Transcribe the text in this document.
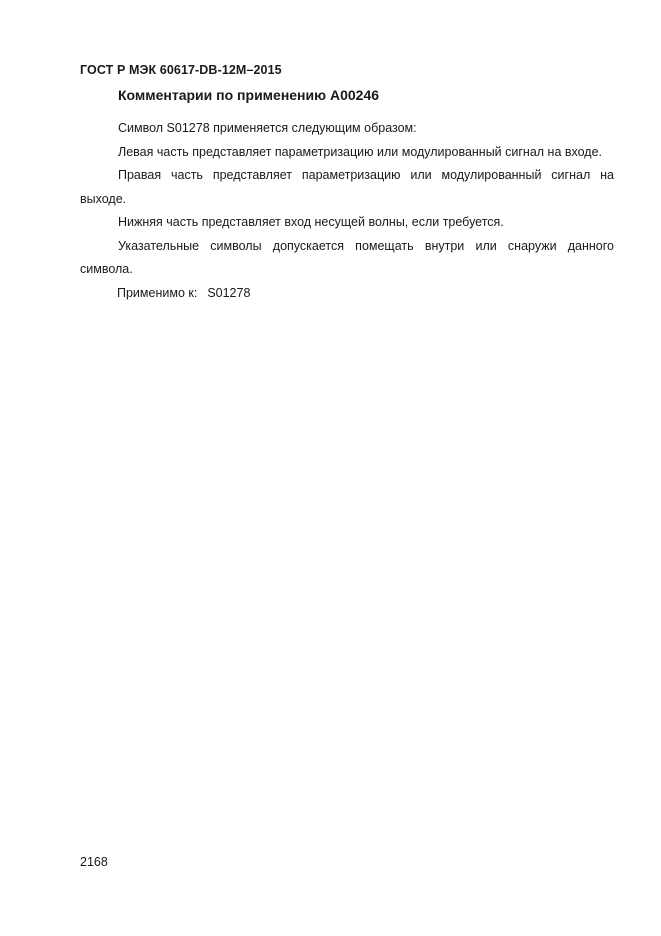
ГОСТ Р МЭК 60617-DB-12M–2015
Комментарии по применению A00246

Символ S01278 применяется следующим образом:

Левая часть представляет параметризацию или модулированный сигнал на входе.

Правая часть представляет параметризацию или модулированный сигнал на выходе.

Нижняя часть представляет вход несущей волны, если требуется.

Указательные символы допускается помещать внутри или снаружи данного символа.

Применимо к: S01278

2168
